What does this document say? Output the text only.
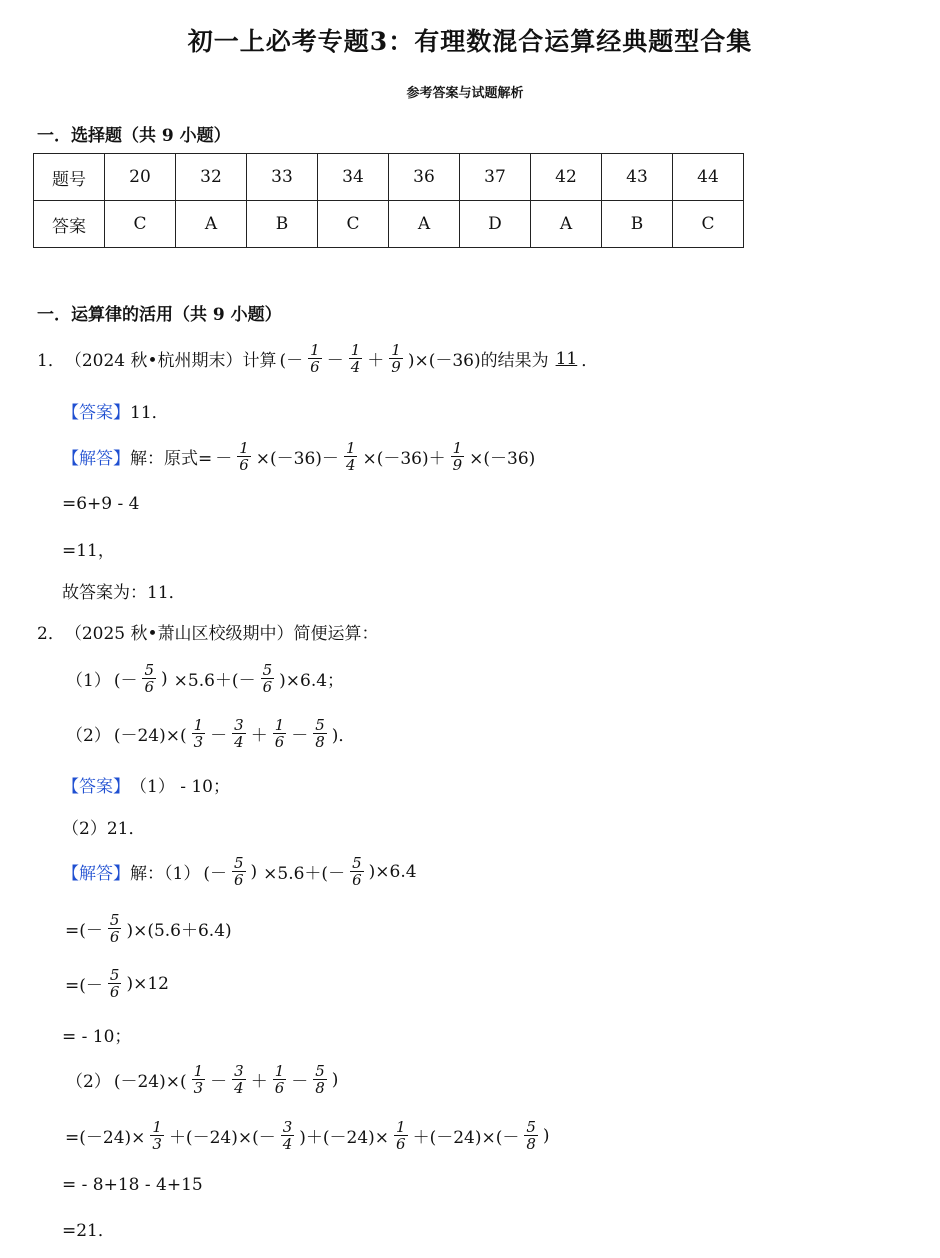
初一上必考专题3：有理数混合运算经典题型合集
参考答案与试题解析
一．选择题（共 9 小题）
题号	20	32	33	34	36	37	42	43	44
答案	C	A	B	C	A	D	A	B	C
一．运算律的活用（共 9 小题）
1． （2024 秋•杭州期末）计算 (－ $\frac{1}{6} - \frac{1}{4} + \frac{1}{9} )\times(-36)$的结果为 11 ．
【答案】 11．
【解答】 解：原式= － $\frac{1}{6} \times(-36)- \frac{1}{4} \times(-36)+ \frac{1}{9} \times(-36)$
=6+9 - 4
=11，
故答案为：11．
2． （2025 秋•萧山区校级期中）简便运算：
（1） (－ $\frac{5}{6}$ ) $\times 5.6+(- \frac{5}{6} )\times 6.4$；
（2） $(-24)\times( \frac{1}{3} - \frac{3}{4} + \frac{1}{6} - \frac{5}{8}$ )．
【答案】 （1） - 10；
（2）21．
【解答】 解：（1） (－ $\frac{5}{6}$ ) $\times 5.6+(- \frac{5}{6} )\times 6.4$
=(－ $\frac{5}{6} )\times(5.6+6.4)$
=(－ $\frac{5}{6} )\times 12$
= - 10；
（2） $(-24)\times( \frac{1}{3} - \frac{3}{4} + \frac{1}{6} - \frac{5}{8}$ )
$=(-24)\times \frac{1}{3} +(-24)\times(- \frac{3}{4} )+(-24)\times \frac{1}{6} +(-24)\times(- \frac{5}{8}$ )
= - 8+18 - 4+15
=21．
